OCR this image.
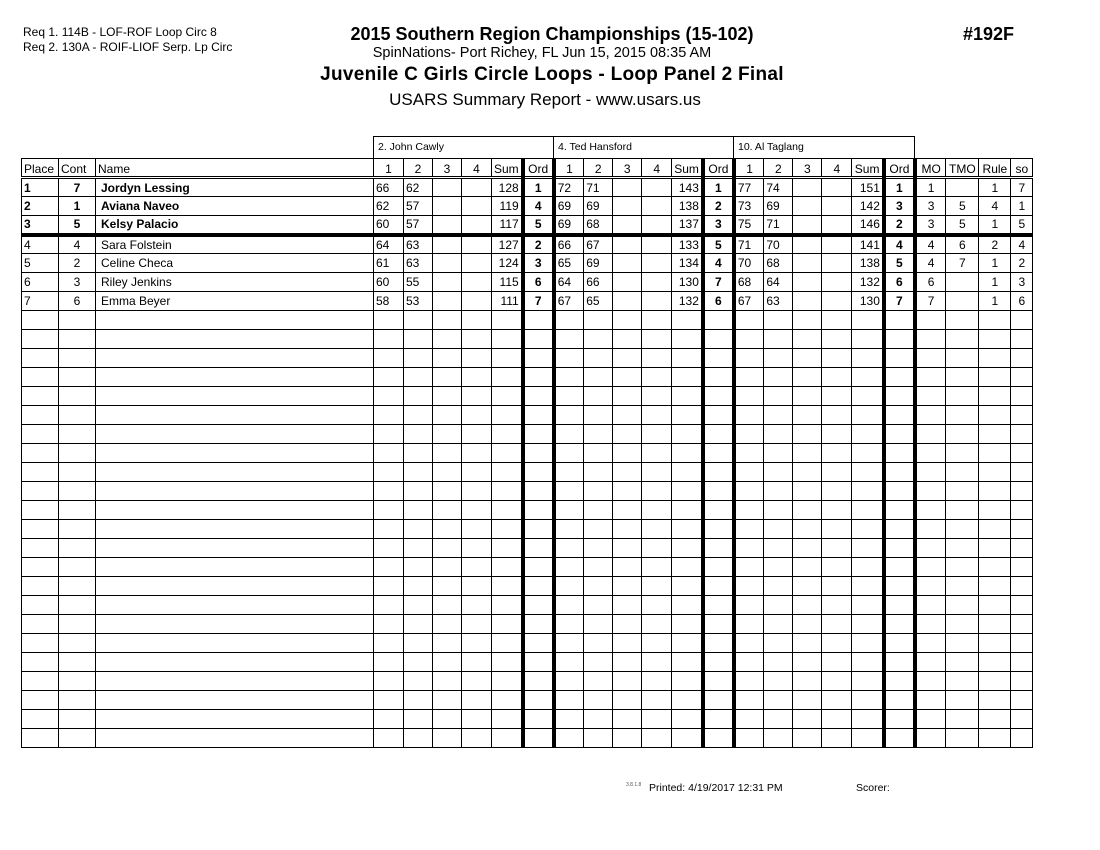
Req 1. 114B - LOF-ROF Loop Circ 8
Req 2. 130A - ROIF-LIOF Serp. Lp Circ
2015 Southern Region Championships (15-102)
SpinNations- Port Richey, FL Jun 15, 2015 08:35 AM
Juvenile C Girls Circle Loops - Loop Panel 2 Final
USARS Summary Report - www.usars.us
#192F
2. John Cawly	4. Ted Hansford	10. Al Taglang
Place	Cont	Name	1	2	3	4	Sum	Ord	1	2	3	4	Sum	Ord	1	2	3	4	Sum	Ord	MO	TMO	Rule	so
1	7	Jordyn Lessing	66	62			128	1	72	71			143	1	77	74			151	1	1		1	7
2	1	Aviana Naveo	62	57			119	4	69	69			138	2	73	69			142	3	3	5	4	1
3	5	Kelsy Palacio	60	57			117	5	69	68			137	3	75	71			146	2	3	5	1	5
4	4	Sara Folstein	64	63			127	2	66	67			133	5	71	70			141	4	4	6	2	4
5	2	Celine Checa	61	63			124	3	65	69			134	4	70	68			138	5	4	7	1	2
6	3	Riley Jenkins	60	55			115	6	64	66			130	7	68	64			132	6	6		1	3
7	6	Emma Beyer	58	53			111	7	67	65			132	6	67	63			130	7	7		1	6

3.8.1.8 Printed: 4/19/2017 12:31 PM	Scorer:
